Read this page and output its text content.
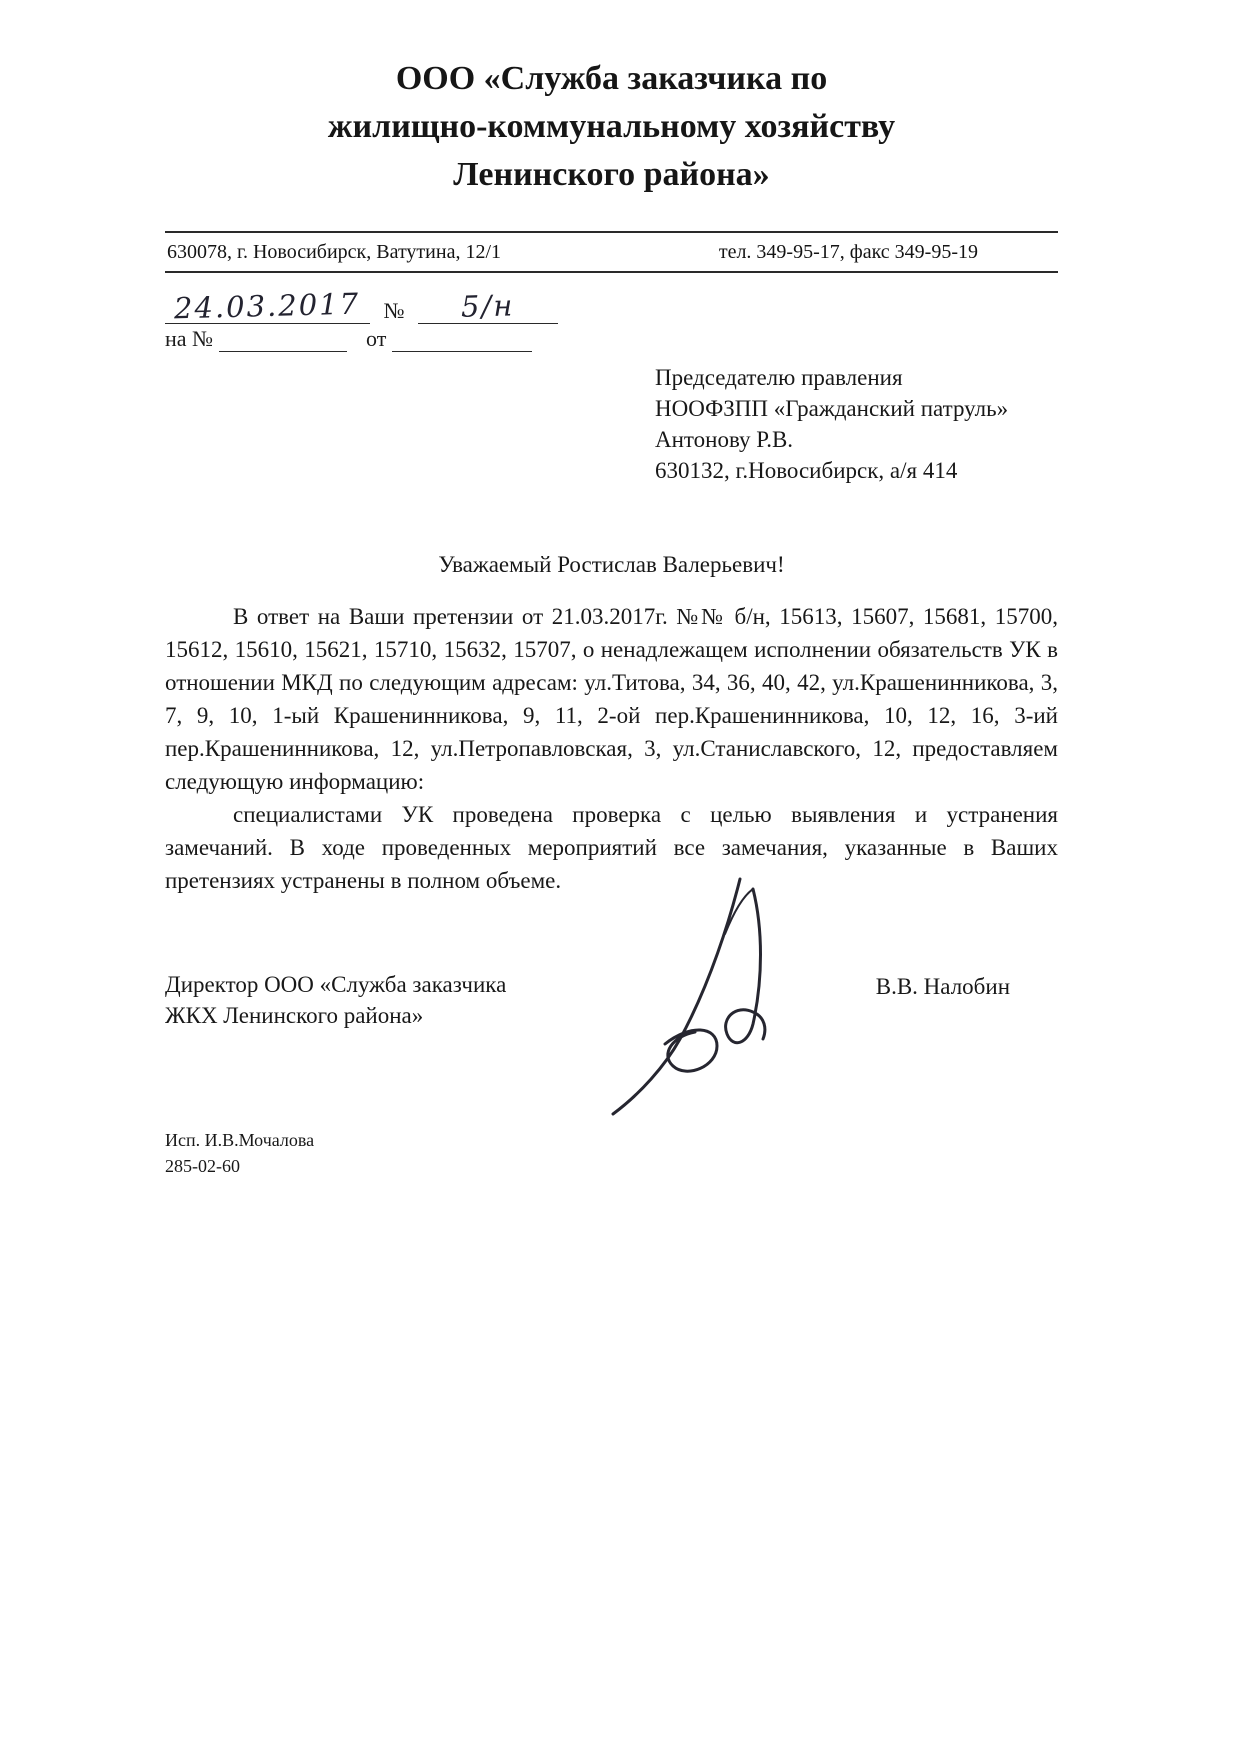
ООО «Служба заказчика по
жилищно-коммунальному хозяйству
Ленинского района»
630078, г. Новосибирск, Ватутина, 12/1	тел. 349-95-17, факс 349-95-19
24.03.2017 № 5/н
на №	от
Председателю правления
НООФЗПП «Гражданский патруль»
Антонову Р.В.
630132, г.Новосибирск, а/я 414
Уважаемый Ростислав Валерьевич!

В ответ на Ваши претензии от 21.03.2017г. №№ б/н, 15613, 15607, 15681, 15700, 15612, 15610, 15621, 15710, 15632, 15707, о ненадлежащем исполнении обязательств УК в отношении МКД по следующим адресам: ул.Титова, 34, 36, 40, 42, ул.Крашенинникова, 3, 7, 9, 10, 1-ый Крашенинникова, 9, 11, 2-ой пер.Крашенинникова, 10, 12, 16, 3-ий пер.Крашенинникова, 12, ул.Петропавловская, 3, ул.Станиславского, 12, предоставляем следующую информацию:

специалистами УК проведена проверка с целью выявления и устранения замечаний. В ходе проведенных мероприятий все замечания, указанные в Ваших претензиях устранены в полном объеме.

Директор ООО «Служба заказчика
ЖКХ Ленинского района»
В.В. Налобин
Исп. И.В.Мочалова
285-02-60
